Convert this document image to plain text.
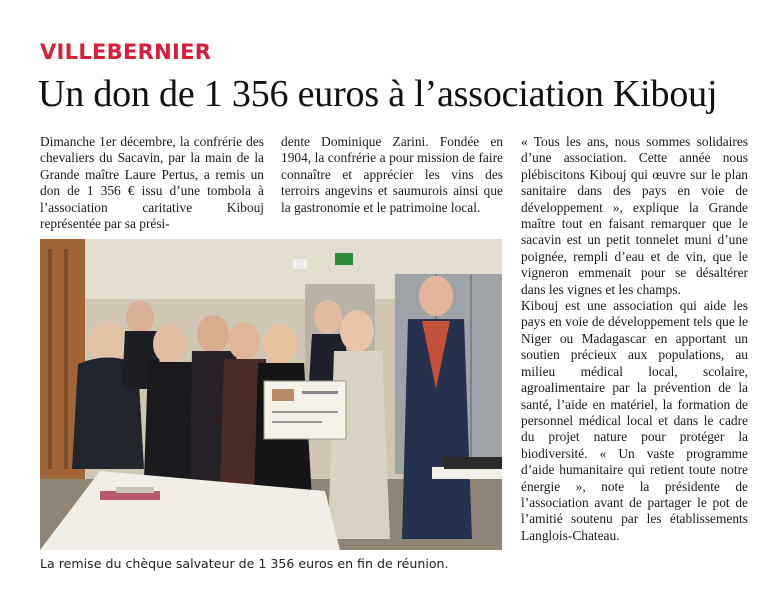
VILLEBERNIER
Un don de 1 356 euros à l’association Kibouj

Dimanche 1er décembre, la confrérie des chevaliers du Sacavin, par la main de la Grande maître Laure Pertus, a remis un don de 1 356 € issu d’une tombola à l’association caritative Kibouj représentée par sa prési-

dente Dominique Zarini. Fondée en 1904, la confrérie a pour mission de faire connaître et apprécier les vins des terroirs angevins et saumurois ainsi que la gastronomie et le patrimoine local.

« Tous les ans, nous sommes solidaires d’une association. Cette année nous plébiscitons Kibouj qui œuvre sur le plan sanitaire dans des pays en voie de développement », explique la Grande maître tout en faisant remarquer que le sacavin est un petit tonnelet muni d’une poignée, rempli d’eau et de vin, que le vigneron emmenait pour se désaltérer dans les vignes et les champs.

Kibouj est une association qui aide les pays en voie de développement tels que le Niger ou Madagascar en apportant un soutien précieux aux populations, au milieu médical local, scolaire, agroalimentaire par la prévention de la santé, l’aide en matériel, la formation de personnel médical local et dans le cadre du projet nature pour protéger la biodiversité. « Un vaste programme d’aide humanitaire qui retient toute notre énergie », note la présidente de l’association avant de partager le pot de l’amitié soutenu par les établissements Langlois-Chateau.

La remise du chèque salvateur de 1 356 euros en fin de réunion.
